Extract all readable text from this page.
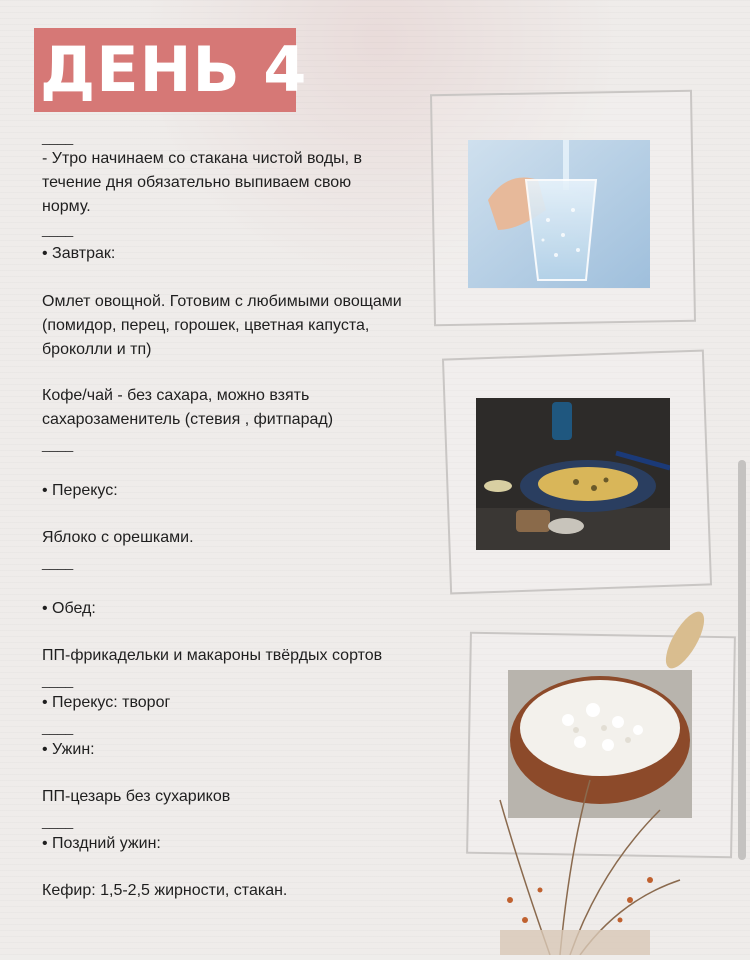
ДЕНЬ 4
____
- Утро начинаем со стакана чистой воды, в
течение дня обязательно выпиваем свою
норму.
____
• Завтрак:
Омлет овощной. Готовим с любимыми овощами
(помидор, перец, горошек, цветная капуста,
броколли и тп)
Кофе/чай - без сахара, можно взять
сахарозаменитель (стевия , фитпарад)
____
• Перекус:
Яблоко с орешками.
____
• Обед:
ПП-фрикадельки и макароны твёрдых сортов
____
• Перекус: творог
____
• Ужин:
ПП-цезарь без сухариков
____
• Поздний ужин:
Кефир: 1,5-2,5 жирности, стакан.
